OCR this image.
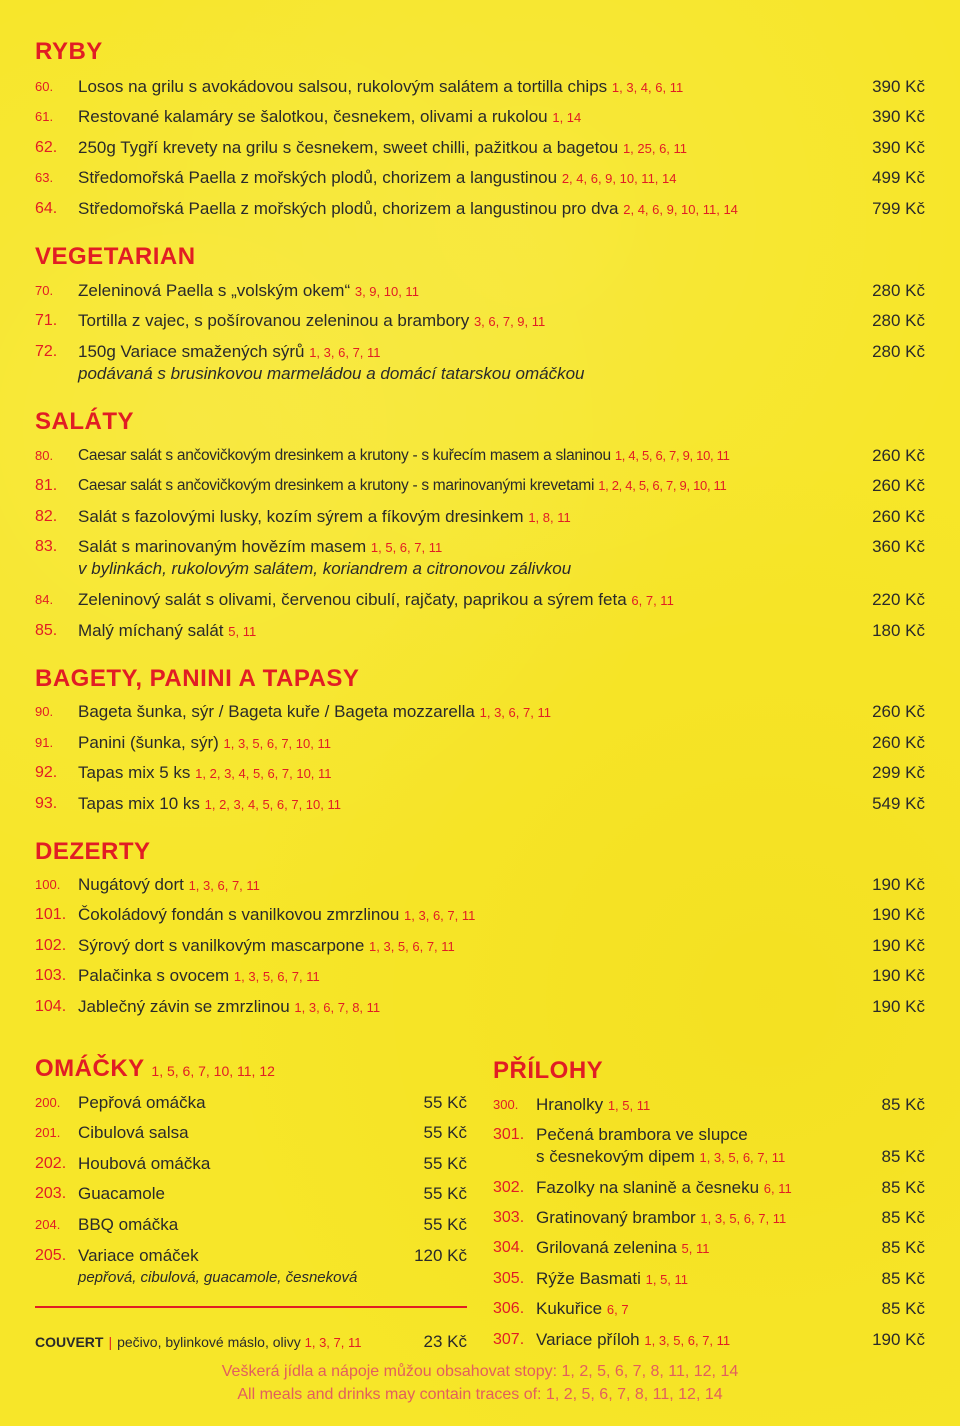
RYBY
60. Losos na grilu s avokádovou salsou, rukolovým salátem a tortilla chips 1, 3, 4, 6, 11	390 Kč
61. Restované kalamáry se šalotkou, česnekem, olivami a rukolou 1, 14	390 Kč
62. 250g Tygří krevety na grilu s česnekem, sweet chilli, pažitkou a bagetou 1, 25, 6, 11	390 Kč
63. Středomořská Paella z mořských plodů, chorizem a langustinou 2, 4, 6, 9, 10, 11, 14	499 Kč
64. Středomořská Paella z mořských plodů, chorizem a langustinou pro dva 2, 4, 6, 9, 10, 11, 14	799 Kč
VEGETARIAN
70. Zeleninová Paella s „volským okem“ 3, 9, 10, 11	280 Kč
71. Tortilla z vajec, s pošírovanou zeleninou a brambory 3, 6, 7, 9, 11	280 Kč
72. 150g Variace smažených sýrů 1, 3, 6, 7, 11	280 Kč
podávaná s brusinkovou marmeládou a domácí tatarskou omáčkou
SALÁTY
80. Caesar salát s ančovičkovým dresinkem a krutony - s kuřecím masem a slaninou 1, 4, 5, 6, 7, 9, 10, 11	260 Kč
81. Caesar salát s ančovičkovým dresinkem a krutony - s marinovanými krevetami 1, 2, 4, 5, 6, 7, 9, 10, 11	260 Kč
82. Salát s fazolovými lusky, kozím sýrem a fíkovým dresinkem 1, 8, 11	260 Kč
83. Salát s marinovaným hovězím masem 1, 5, 6, 7, 11	360 Kč
v bylinkách, rukolovým salátem, koriandrem a citronovou zálivkou
84. Zeleninový salát s olivami, červenou cibulí, rajčaty, paprikou a sýrem feta 6, 7, 11	220 Kč
85. Malý míchaný salát 5, 11	180 Kč
BAGETY, PANINI A TAPASY
90. Bageta šunka, sýr / Bageta kuře / Bageta mozzarella 1, 3, 6, 7, 11	260 Kč
91. Panini (šunka, sýr) 1, 3, 5, 6, 7, 10, 11	260 Kč
92. Tapas mix 5 ks 1, 2, 3, 4, 5, 6, 7, 10, 11	299 Kč
93. Tapas mix 10 ks 1, 2, 3, 4, 5, 6, 7, 10, 11	549 Kč
DEZERTY
100. Nugátový dort 1, 3, 6, 7, 11	190 Kč
101. Čokoládový fondán s vanilkovou zmrzlinou 1, 3, 6, 7, 11	190 Kč
102. Sýrový dort s vanilkovým mascarpone 1, 3, 5, 6, 7, 11	190 Kč
103. Palačinka s ovocem 1, 3, 5, 6, 7, 11	190 Kč
104. Jablečný závin se zmrzlinou 1, 3, 6, 7, 8, 11	190 Kč
OMÁČKY 1, 5, 6, 7, 10, 11, 12
200. Pepřová omáčka	55 Kč
201. Cibulová salsa	55 Kč
202. Houbová omáčka	55 Kč
203. Guacamole	55 Kč
204. BBQ omáčka	55 Kč
205. Variace omáček	120 Kč
pepřová, cibulová, guacamole, česneková
COUVERT | pečivo, bylinkové máslo, olivy 1, 3, 7, 11	23 Kč
PŘÍLOHY
300. Hranolky 1, 5, 11	85 Kč
301. Pečená brambora ve slupce
s česnekovým dipem 1, 3, 5, 6, 7, 11	85 Kč
302. Fazolky na slanině a česneku 6, 11	85 Kč
303. Gratinovaný brambor 1, 3, 5, 6, 7, 11	85 Kč
304. Grilovaná zelenina 5, 11	85 Kč
305. Rýže Basmati 1, 5, 11	85 Kč
306. Kukuřice 6, 7	85 Kč
307. Variace příloh 1, 3, 5, 6, 7, 11	190 Kč
Veškerá jídla a nápoje můžou obsahovat stopy: 1, 2, 5, 6, 7, 8, 11, 12, 14
All meals and drinks may contain traces of: 1, 2, 5, 6, 7, 8, 11, 12, 14
